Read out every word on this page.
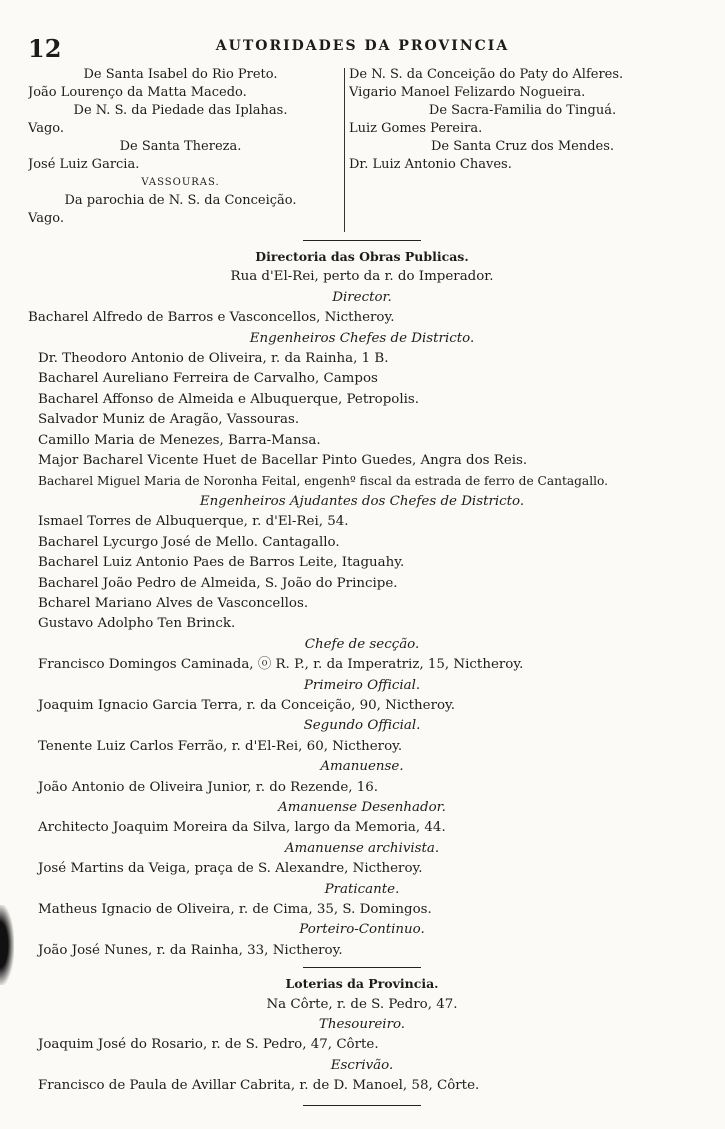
12	AUTORIDADES DA PROVINCIA
De Santa Isabel do Rio Preto.
João Lourenço da Matta Macedo.
De N. S. da Piedade das Iplahas.
Vago.
De Santa Thereza.
José Luiz Garcia.
VASSOURAS.
Da parochia de N. S. da Conceição.
Vago.
De N. S. da Conceição do Paty do Alferes.
Vigario Manoel Felizardo Nogueira.
De Sacra-Familia do Tinguá.
Luiz Gomes Pereira.
De Santa Cruz dos Mendes.
Dr. Luiz Antonio Chaves.
Directoria das Obras Publicas.
Rua d'El-Rei, perto da r. do Imperador.
Director.
Bacharel Alfredo de Barros e Vasconcellos, Nictheroy.
Engenheiros Chefes de Districto.
Dr. Theodoro Antonio de Oliveira, r. da Rainha, 1 B.
Bacharel Aureliano Ferreira de Carvalho, Campos
Bacharel Affonso de Almeida e Albuquerque, Petropolis.
Salvador Muniz de Aragão, Vassouras.
Camillo Maria de Menezes, Barra-Mansa.
Major Bacharel Vicente Huet de Bacellar Pinto Guedes, Angra dos Reis.
Bacharel Miguel Maria de Noronha Feital, engenhº fiscal da estrada de ferro de Cantagallo.
Engenheiros Ajudantes dos Chefes de Districto.
Ismael Torres de Albuquerque, r. d'El-Rei, 54.
Bacharel Lycurgo José de Mello. Cantagallo.
Bacharel Luiz Antonio Paes de Barros Leite, Itaguahy.
Bacharel João Pedro de Almeida, S. João do Principe.
Bcharel Mariano Alves de Vasconcellos.
Gustavo Adolpho Ten Brinck.
Chefe de secção.
Francisco Domingos Caminada, ⓞ R. P., r. da Imperatriz, 15, Nictheroy.
Primeiro Official.
Joaquim Ignacio Garcia Terra, r. da Conceição, 90, Nictheroy.
Segundo Official.
Tenente Luiz Carlos Ferrão, r. d'El-Rei, 60, Nictheroy.
Amanuense.
João Antonio de Oliveira Junior, r. do Rezende, 16.
Amanuense Desenhador.
Architecto Joaquim Moreira da Silva, largo da Memoria, 44.
Amanuense archivista.
José Martins da Veiga, praça de S. Alexandre, Nictheroy.
Praticante.
Matheus Ignacio de Oliveira, r. de Cima, 35, S. Domingos.
Porteiro-Continuo.
João José Nunes, r. da Rainha, 33, Nictheroy.
Loterias da Provincia.
Na Côrte, r. de S. Pedro, 47.
Thesoureiro.
Joaquim José do Rosario, r. de S. Pedro, 47, Côrte.
Escrivão.
Francisco de Paula de Avillar Cabrita, r. de D. Manoel, 58, Côrte.
